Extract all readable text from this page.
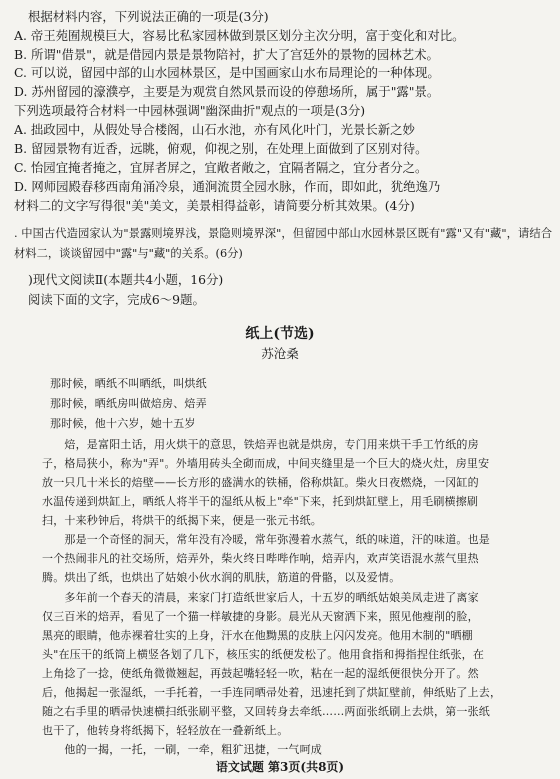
根据材料内容，下列说法正确的一项是(3分)
A. 帝王苑囿规模巨大，容易比私家园林做到景区划分主次分明，富于变化和对比。
B. 所谓"借景"，就是借园内景是景物陪衬，扩大了宫廷外的景物的园林艺术。
C. 可以说，留园中部的山水园林景区，是中国画家山水布局理论的一种体现。
D. 苏州留园的濠濮亭，主要是为观赏自然风景而设的停憩场所，属于"露"景。
下列选项最符合材料一中园林强调"幽深曲折"观点的一项是(3分)
A. 拙政园中，从假处导合楼阁，山石水池，亦有风化叶门，光景长新之妙
B. 留园景物有近香，远眺，俯观，仰视之别，在处理上面做到了区别对待。
C. 怡园宜掩者掩之，宜屏者屏之，宜敞者敞之，宜隔者隔之，宜分者分之。
D. 网师园殿春移西南角涌冷泉，通涧流贯全园水脉，作而，即如此，犹绝逸乃
材料二的文字写得很"美"美文，美景相得益彰，请简要分析其效果。(4分)
. 中国古代造园家认为"景露则境界浅，景隐则境界深"，但留园中部山水园林景区既有"露"又有"藏"，请结合材料二，谈谈留园中"露"与"藏"的关系。(6分)
)现代文阅读Ⅱ(本题共4小题，16分)
阅读下面的文字，完成6～9题。
纸上(节选)
苏沧桑
那时候，晒纸不叫晒纸，叫烘纸
那时候，晒纸房叫做焙房、焙弄
那时候，他十六岁，她十五岁
　　焙，是富阳土话，用火烘干的意思，铁焙弄也就是烘房，专门用来烘干手工竹纸的房
子，格局狭小，称为"弄"。外墙用砖头全砌而成，中间夹缝里是一个巨大的烧火灶，房里安
放一只几十米长的焙壁——长方形的盛满水的铁桶，俗称烘缸。柴火日夜燃烧，一冈缸的
水温传递到烘缸上，晒纸人将半干的湿纸从板上"牵"下来，托到烘缸壁上，用毛刷横擦刷
扫，十来秒钟后，将烘干的纸揭下来，便是一张元书纸。
　　那是一个奇怪的洞天，常年没有冷暖，常年弥漫着水蒸气，纸的味道，汗的味道。也是
一个热闹非凡的社交场所，焙弄外，柴火终日哔哔作响，焙弄内，欢声笑语混水蒸气里热
腾。烘出了纸，也烘出了姑娘小伙水润的肌肤，筋道的骨骼，以及爱情。
　　多年前一个春天的清晨，来家门打造纸世家后人，十五岁的晒纸姑娘美凤走进了离家
仅三百米的焙弄，看见了一个猫一样敏捷的身影。晨光从天窗洒下来，照见他瘦削的脸，
黑亮的眼睛，他赤裸着壮实的上身，汗水在他黝黑的皮肤上闪闪发亮。他用木制的"晒棚
头"在压干的纸筒上横竖各划了几下，核压实的纸便发松了。他用食指和拇指捏住纸张，在
上角捻了一捻，使纸角微微翘起，再鼓起嘴轻轻一吹，粘在一起的湿纸便很快分开了。然
后，他揭起一张湿纸，一手托着，一手连同晒帚处着，迅速托到了烘缸壁前，伸纸贴了上去，
随之右手里的晒帚快速横扫纸张刷平整，又回转身去牵纸……两面张纸刷上去烘，第一张纸
也干了，他转身将纸揭下，轻轻放在一叠新纸上。
　　他的一揭，一托，一刷，一牵，粗犷迅捷，一气呵成
语文试题 第3页(共8页)
